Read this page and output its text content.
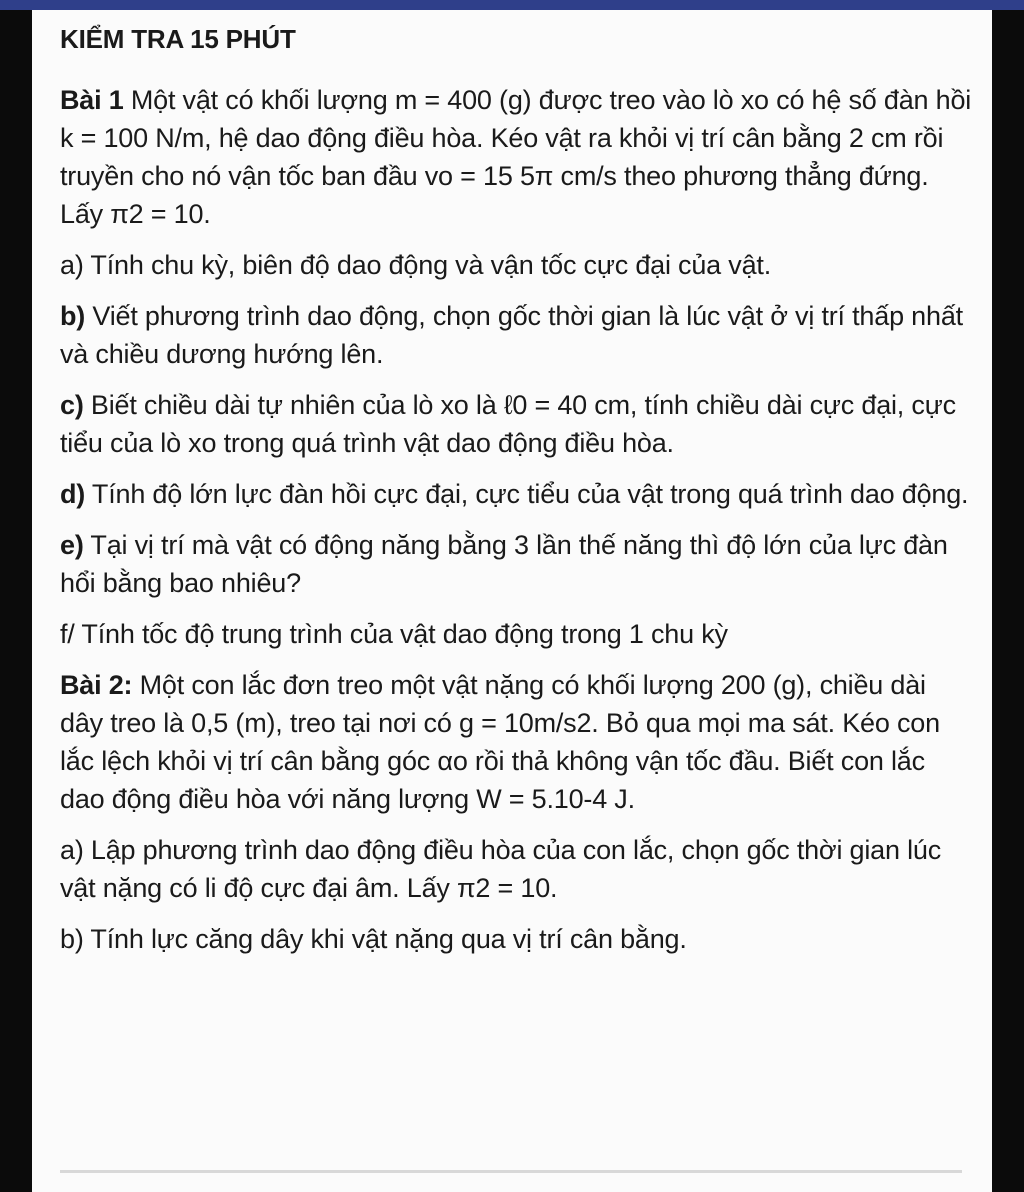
KIỂM TRA 15 PHÚT

Bài 1 Một vật có khối lượng m = 400 (g) được treo vào lò xo có hệ số đàn hồi k = 100 N/m, hệ dao động điều hòa. Kéo vật ra khỏi vị trí cân bằng 2 cm rồi truyền cho nó vận tốc ban đầu vo = 15 5π cm/s theo phương thẳng đứng. Lấy π2 = 10.

a) Tính chu kỳ, biên độ dao động và vận tốc cực đại của vật.

b) Viết phương trình dao động, chọn gốc thời gian là lúc vật ở vị trí thấp nhất và chiều dương hướng lên.

c) Biết chiều dài tự nhiên của lò xo là ℓ0 = 40 cm, tính chiều dài cực đại, cực tiểu của lò xo trong quá trình vật dao động điều hòa.

d) Tính độ lớn lực đàn hồi cực đại, cực tiểu của vật trong quá trình dao động.

e) Tại vị trí mà vật có động năng bằng 3 lần thế năng thì độ lớn của lực đàn hổi bằng bao nhiêu?

f/ Tính tốc độ trung trình của vật dao động trong 1 chu kỳ

Bài 2: Một con lắc đơn treo một vật nặng có khối lượng 200 (g), chiều dài dây treo là 0,5 (m), treo tại nơi có g = 10m/s2. Bỏ qua mọi ma sát. Kéo con lắc lệch khỏi vị trí cân bằng góc αo rồi thả không vận tốc đầu. Biết con lắc dao động điều hòa với năng lượng W = 5.10-4 J.

a) Lập phương trình dao động điều hòa của con lắc, chọn gốc thời gian lúc vật nặng có li độ cực đại âm. Lấy π2 = 10.

b) Tính lực căng dây khi vật nặng qua vị trí cân bằng.
